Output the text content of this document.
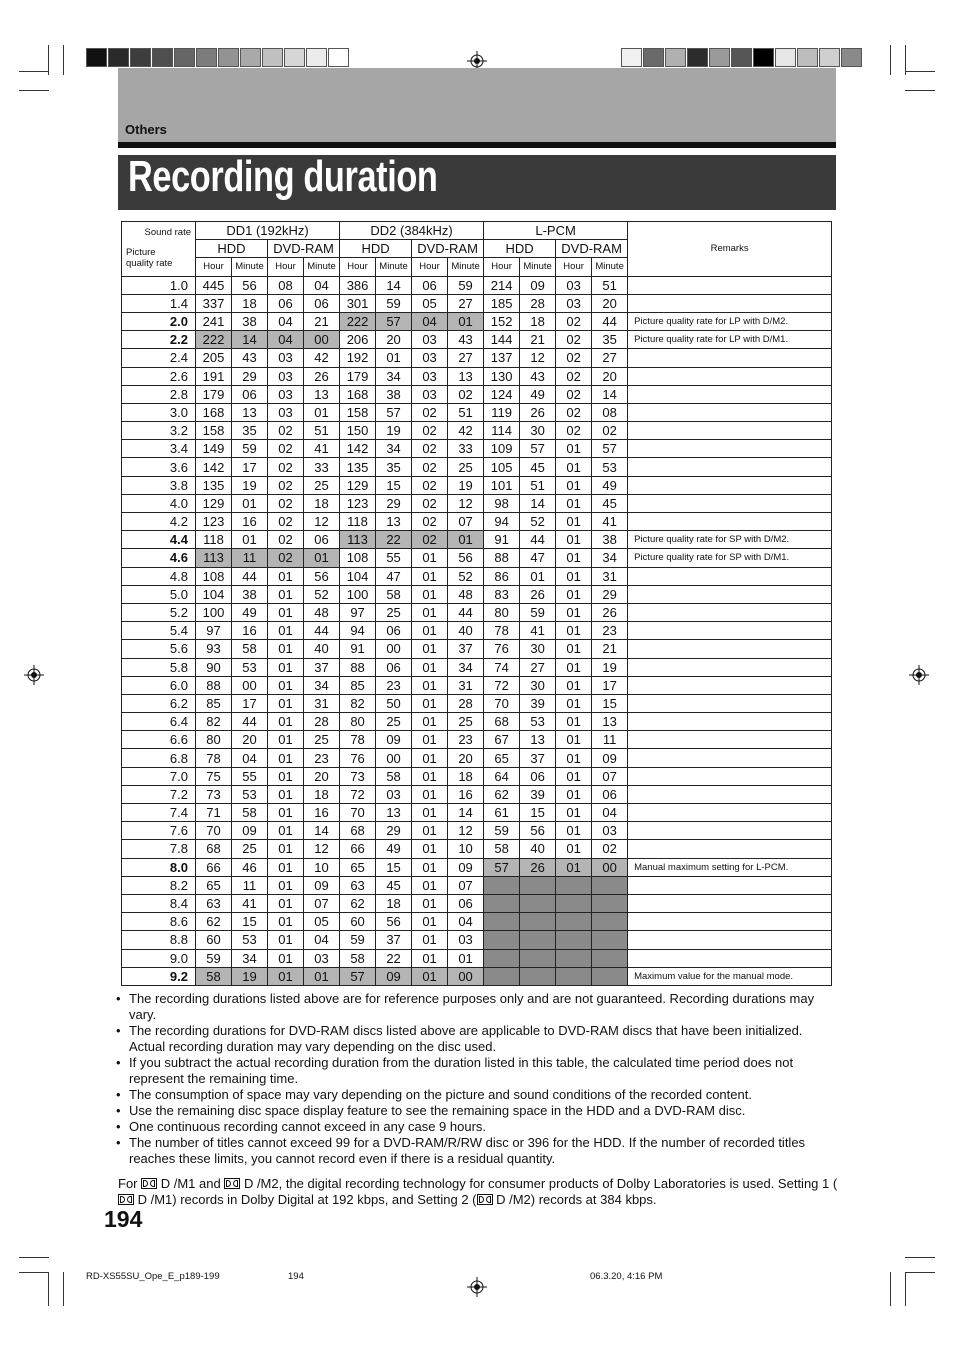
Others
Recording duration
Sound rate
Picture
quality rate	DD1 (192kHz)				DD2 (384kHz)				L-PCM				Remarks
	HDD		DVD-RAM		HDD		DVD-RAM		HDD		DVD-RAM		
	Hour	Minute	Hour	Minute	Hour	Minute	Hour	Minute	Hour	Minute	Hour	Minute	
1.0	445	56	08	04	386	14	06	59	214	09	03	51	
1.4	337	18	06	06	301	59	05	27	185	28	03	20	
2.0	241	38	04	21	222	57	04	01	152	18	02	44	Picture quality rate for LP with D/M2.
2.2	222	14	04	00	206	20	03	43	144	21	02	35	Picture quality rate for LP with D/M1.
2.4	205	43	03	42	192	01	03	27	137	12	02	27	
2.6	191	29	03	26	179	34	03	13	130	43	02	20	
2.8	179	06	03	13	168	38	03	02	124	49	02	14	
3.0	168	13	03	01	158	57	02	51	119	26	02	08	
3.2	158	35	02	51	150	19	02	42	114	30	02	02	
3.4	149	59	02	41	142	34	02	33	109	57	01	57	
3.6	142	17	02	33	135	35	02	25	105	45	01	53	
3.8	135	19	02	25	129	15	02	19	101	51	01	49	
4.0	129	01	02	18	123	29	02	12	98	14	01	45	
4.2	123	16	02	12	118	13	02	07	94	52	01	41	
4.4	118	01	02	06	113	22	02	01	91	44	01	38	Picture quality rate for SP with D/M2.
4.6	113	11	02	01	108	55	01	56	88	47	01	34	Picture quality rate for SP with D/M1.
4.8	108	44	01	56	104	47	01	52	86	01	01	31	
5.0	104	38	01	52	100	58	01	48	83	26	01	29	
5.2	100	49	01	48	97	25	01	44	80	59	01	26	
5.4	97	16	01	44	94	06	01	40	78	41	01	23	
5.6	93	58	01	40	91	00	01	37	76	30	01	21	
5.8	90	53	01	37	88	06	01	34	74	27	01	19	
6.0	88	00	01	34	85	23	01	31	72	30	01	17	
6.2	85	17	01	31	82	50	01	28	70	39	01	15	
6.4	82	44	01	28	80	25	01	25	68	53	01	13	
6.6	80	20	01	25	78	09	01	23	67	13	01	11	
6.8	78	04	01	23	76	00	01	20	65	37	01	09	
7.0	75	55	01	20	73	58	01	18	64	06	01	07	
7.2	73	53	01	18	72	03	01	16	62	39	01	06	
7.4	71	58	01	16	70	13	01	14	61	15	01	04	
7.6	70	09	01	14	68	29	01	12	59	56	01	03	
7.8	68	25	01	12	66	49	01	10	58	40	01	02	
8.0	66	46	01	10	65	15	01	09	57	26	01	00	Manual maximum setting for L-PCM.
8.2	65	11	01	09	63	45	01	07					
8.4	63	41	01	07	62	18	01	06					
8.6	62	15	01	05	60	56	01	04					
8.8	60	53	01	04	59	37	01	03					
9.0	59	34	01	03	58	22	01	01					
9.2	58	19	01	01	57	09	01	00					Maximum value for the manual mode.
• The recording durations listed above are for reference purposes only and are not guaranteed. Recording durations may vary.
• The recording durations for DVD-RAM discs listed above are applicable to DVD-RAM discs that have been initialized. Actual recording duration may vary depending on the disc used.
• If you subtract the actual recording duration from the duration listed in this table, the calculated time period does not represent the remaining time.
• The consumption of space may vary depending on the picture and sound conditions of the recorded content.
• Use the remaining disc space display feature to see the remaining space in the HDD and a DVD-RAM disc.
• One continuous recording cannot exceed in any case 9 hours.
• The number of titles cannot exceed 99 for a DVD-RAM/R/RW disc or 396 for the HDD. If the number of recorded titles reaches these limits, you cannot record even if there is a residual quantity.
For  D /M1 and  D /M2, the digital recording technology for consumer products of Dolby Laboratories is used. Setting 1 ( D /M1) records in Dolby Digital at 192 kbps, and Setting 2 ( D /M2) records at 384 kbps.
194
RD-XS55SU_Ope_E_p189-199	194	06.3.20, 4:16 PM
